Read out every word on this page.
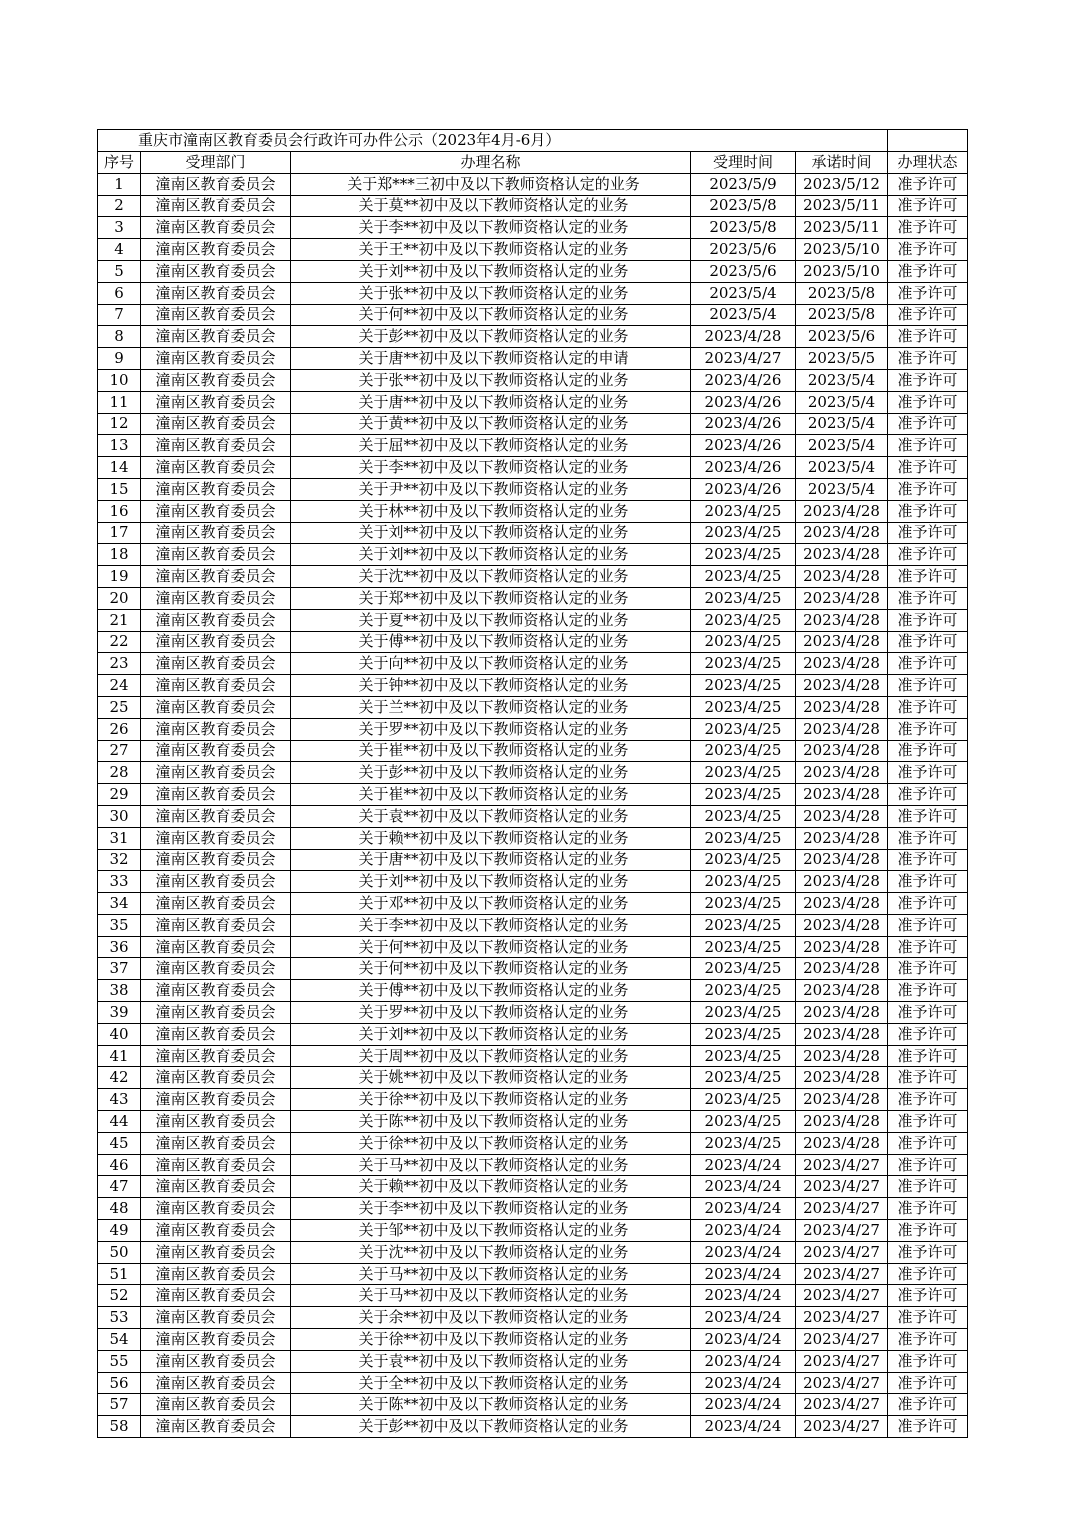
重庆市潼南区教育委员会行政许可办件公示（2023年4月-6月）					
序号	受理部门	办理名称	受理时间	承诺时间	办理状态
1	潼南区教育委员会	关于郑***三初中及以下教师资格认定的业务	2023/5/9	2023/5/12	准予许可
2	潼南区教育委员会	关于莫**初中及以下教师资格认定的业务	2023/5/8	2023/5/11	准予许可
3	潼南区教育委员会	关于李**初中及以下教师资格认定的业务	2023/5/8	2023/5/11	准予许可
4	潼南区教育委员会	关于王**初中及以下教师资格认定的业务	2023/5/6	2023/5/10	准予许可
5	潼南区教育委员会	关于刘**初中及以下教师资格认定的业务	2023/5/6	2023/5/10	准予许可
6	潼南区教育委员会	关于张**初中及以下教师资格认定的业务	2023/5/4	2023/5/8	准予许可
7	潼南区教育委员会	关于何**初中及以下教师资格认定的业务	2023/5/4	2023/5/8	准予许可
8	潼南区教育委员会	关于彭**初中及以下教师资格认定的业务	2023/4/28	2023/5/6	准予许可
9	潼南区教育委员会	关于唐**初中及以下教师资格认定的申请	2023/4/27	2023/5/5	准予许可
10	潼南区教育委员会	关于张**初中及以下教师资格认定的业务	2023/4/26	2023/5/4	准予许可
11	潼南区教育委员会	关于唐**初中及以下教师资格认定的业务	2023/4/26	2023/5/4	准予许可
12	潼南区教育委员会	关于黄**初中及以下教师资格认定的业务	2023/4/26	2023/5/4	准予许可
13	潼南区教育委员会	关于屈**初中及以下教师资格认定的业务	2023/4/26	2023/5/4	准予许可
14	潼南区教育委员会	关于李**初中及以下教师资格认定的业务	2023/4/26	2023/5/4	准予许可
15	潼南区教育委员会	关于尹**初中及以下教师资格认定的业务	2023/4/26	2023/5/4	准予许可
16	潼南区教育委员会	关于林**初中及以下教师资格认定的业务	2023/4/25	2023/4/28	准予许可
17	潼南区教育委员会	关于刘**初中及以下教师资格认定的业务	2023/4/25	2023/4/28	准予许可
18	潼南区教育委员会	关于刘**初中及以下教师资格认定的业务	2023/4/25	2023/4/28	准予许可
19	潼南区教育委员会	关于沈**初中及以下教师资格认定的业务	2023/4/25	2023/4/28	准予许可
20	潼南区教育委员会	关于郑**初中及以下教师资格认定的业务	2023/4/25	2023/4/28	准予许可
21	潼南区教育委员会	关于夏**初中及以下教师资格认定的业务	2023/4/25	2023/4/28	准予许可
22	潼南区教育委员会	关于傅**初中及以下教师资格认定的业务	2023/4/25	2023/4/28	准予许可
23	潼南区教育委员会	关于向**初中及以下教师资格认定的业务	2023/4/25	2023/4/28	准予许可
24	潼南区教育委员会	关于钟**初中及以下教师资格认定的业务	2023/4/25	2023/4/28	准予许可
25	潼南区教育委员会	关于兰**初中及以下教师资格认定的业务	2023/4/25	2023/4/28	准予许可
26	潼南区教育委员会	关于罗**初中及以下教师资格认定的业务	2023/4/25	2023/4/28	准予许可
27	潼南区教育委员会	关于崔**初中及以下教师资格认定的业务	2023/4/25	2023/4/28	准予许可
28	潼南区教育委员会	关于彭**初中及以下教师资格认定的业务	2023/4/25	2023/4/28	准予许可
29	潼南区教育委员会	关于崔**初中及以下教师资格认定的业务	2023/4/25	2023/4/28	准予许可
30	潼南区教育委员会	关于袁**初中及以下教师资格认定的业务	2023/4/25	2023/4/28	准予许可
31	潼南区教育委员会	关于赖**初中及以下教师资格认定的业务	2023/4/25	2023/4/28	准予许可
32	潼南区教育委员会	关于唐**初中及以下教师资格认定的业务	2023/4/25	2023/4/28	准予许可
33	潼南区教育委员会	关于刘**初中及以下教师资格认定的业务	2023/4/25	2023/4/28	准予许可
34	潼南区教育委员会	关于邓**初中及以下教师资格认定的业务	2023/4/25	2023/4/28	准予许可
35	潼南区教育委员会	关于李**初中及以下教师资格认定的业务	2023/4/25	2023/4/28	准予许可
36	潼南区教育委员会	关于何**初中及以下教师资格认定的业务	2023/4/25	2023/4/28	准予许可
37	潼南区教育委员会	关于何**初中及以下教师资格认定的业务	2023/4/25	2023/4/28	准予许可
38	潼南区教育委员会	关于傅**初中及以下教师资格认定的业务	2023/4/25	2023/4/28	准予许可
39	潼南区教育委员会	关于罗**初中及以下教师资格认定的业务	2023/4/25	2023/4/28	准予许可
40	潼南区教育委员会	关于刘**初中及以下教师资格认定的业务	2023/4/25	2023/4/28	准予许可
41	潼南区教育委员会	关于周**初中及以下教师资格认定的业务	2023/4/25	2023/4/28	准予许可
42	潼南区教育委员会	关于姚**初中及以下教师资格认定的业务	2023/4/25	2023/4/28	准予许可
43	潼南区教育委员会	关于徐**初中及以下教师资格认定的业务	2023/4/25	2023/4/28	准予许可
44	潼南区教育委员会	关于陈**初中及以下教师资格认定的业务	2023/4/25	2023/4/28	准予许可
45	潼南区教育委员会	关于徐**初中及以下教师资格认定的业务	2023/4/25	2023/4/28	准予许可
46	潼南区教育委员会	关于马**初中及以下教师资格认定的业务	2023/4/24	2023/4/27	准予许可
47	潼南区教育委员会	关于赖**初中及以下教师资格认定的业务	2023/4/24	2023/4/27	准予许可
48	潼南区教育委员会	关于李**初中及以下教师资格认定的业务	2023/4/24	2023/4/27	准予许可
49	潼南区教育委员会	关于邹**初中及以下教师资格认定的业务	2023/4/24	2023/4/27	准予许可
50	潼南区教育委员会	关于沈**初中及以下教师资格认定的业务	2023/4/24	2023/4/27	准予许可
51	潼南区教育委员会	关于马**初中及以下教师资格认定的业务	2023/4/24	2023/4/27	准予许可
52	潼南区教育委员会	关于马**初中及以下教师资格认定的业务	2023/4/24	2023/4/27	准予许可
53	潼南区教育委员会	关于余**初中及以下教师资格认定的业务	2023/4/24	2023/4/27	准予许可
54	潼南区教育委员会	关于徐**初中及以下教师资格认定的业务	2023/4/24	2023/4/27	准予许可
55	潼南区教育委员会	关于袁**初中及以下教师资格认定的业务	2023/4/24	2023/4/27	准予许可
56	潼南区教育委员会	关于全**初中及以下教师资格认定的业务	2023/4/24	2023/4/27	准予许可
57	潼南区教育委员会	关于陈**初中及以下教师资格认定的业务	2023/4/24	2023/4/27	准予许可
58	潼南区教育委员会	关于彭**初中及以下教师资格认定的业务	2023/4/24	2023/4/27	准予许可
